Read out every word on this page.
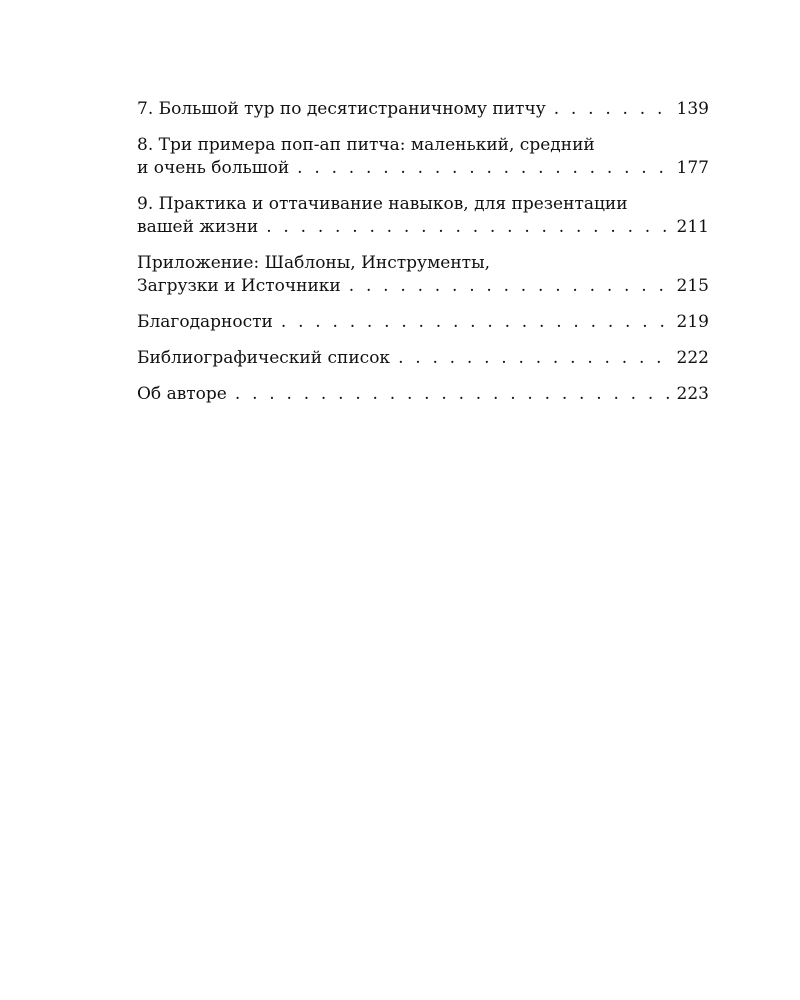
7. Большой тур по десятистраничному питчу . . .	139
8. Три примера поп-ап питча: маленький, средний
и очень большой . . .	177
9. Практика и оттачивание навыков, для презентации
вашей жизни . . .	211
Приложение: Шаблоны, Инструменты,
Загрузки и Источники . . .	215
Благодарности . . .	219
Библиографический список . . .	222
Об авторе . . .	223
